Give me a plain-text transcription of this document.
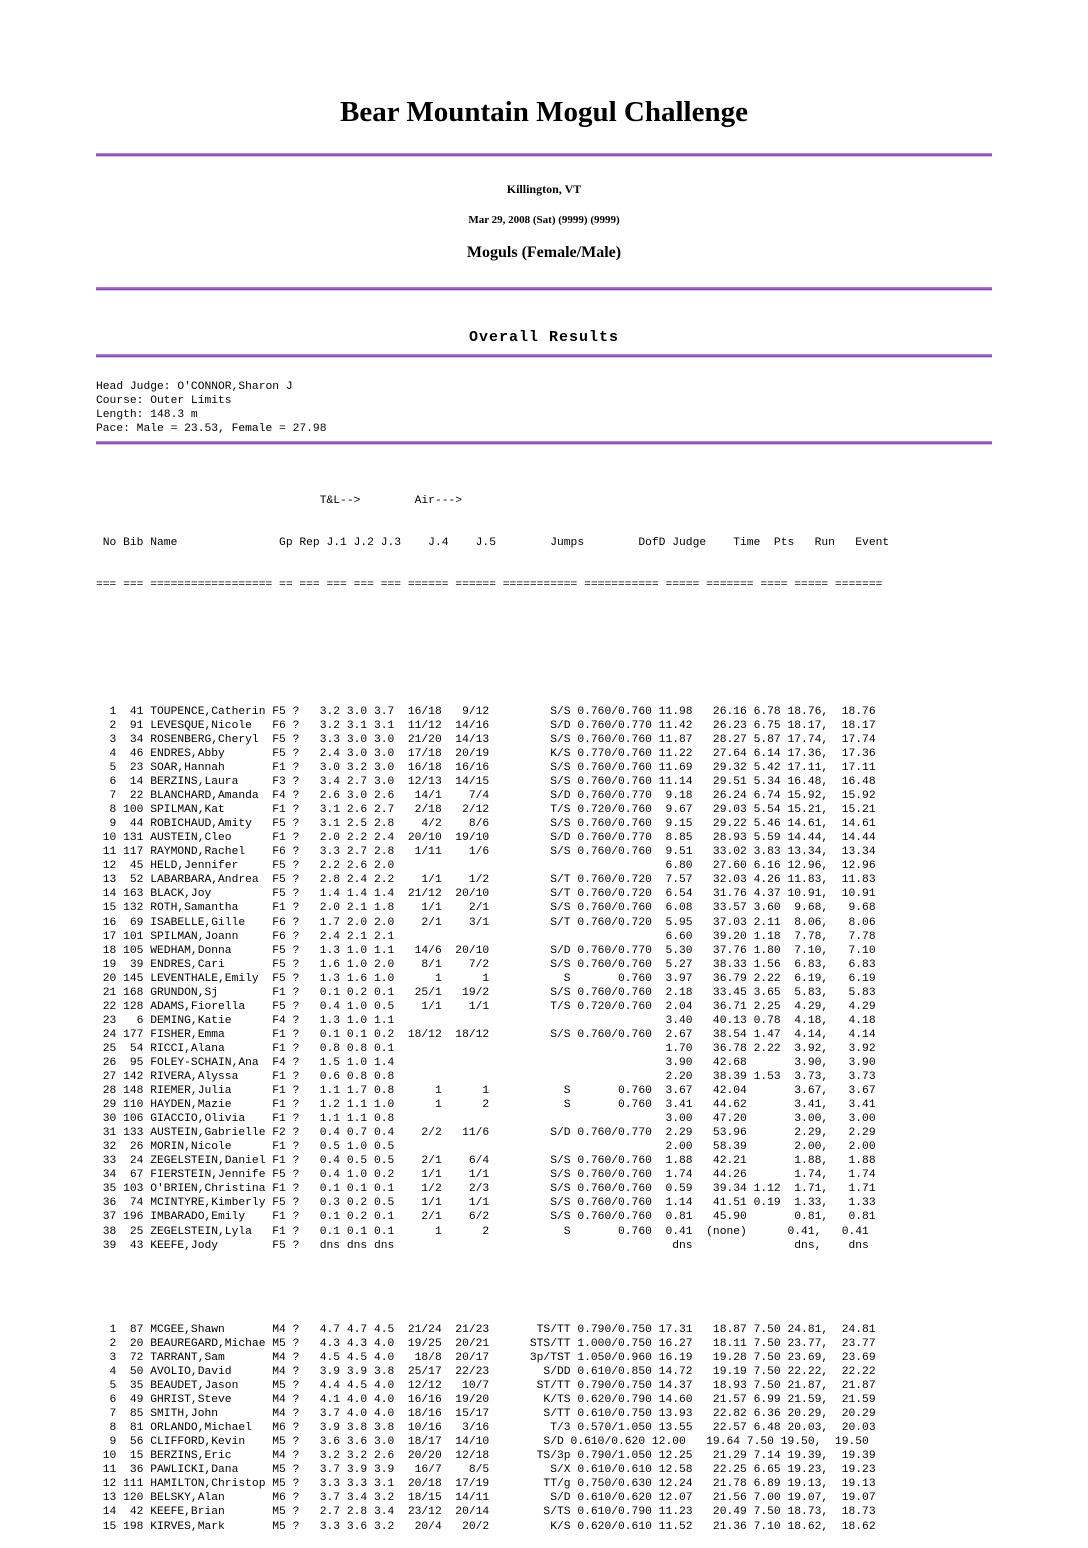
Bear Mountain Mogul Challenge
Killington, VT
Mar 29, 2008 (Sat) (9999) (9999)
Moguls (Female/Male)
Overall Results
Head Judge: O'CONNOR,Sharon J
Course: Outer Limits
Length: 148.3 m
Pace: Male = 23.53, Female = 27.98

T&L-->        Air--->

No Bib Name               Gp Rep J.1 J.2 J.3    J.4    J.5        Jumps        DofD Judge    Time  Pts   Run   Event

=== === ================== == === === === === ====== ====== =========== =========== ===== ======= ==== ===== =======

1  41 TOUPENCE,Catherin F5 ?   3.2 3.0 3.7  16/18   9/12         S/S 0.760/0.760 11.98   26.16 6.78 18.76,  18.76
2  91 LEVESQUE,Nicole   F6 ?   3.2 3.1 3.1  11/12  14/16         S/D 0.760/0.770 11.42   26.23 6.75 18.17,  18.17
3  34 ROSENBERG,Cheryl  F5 ?   3.3 3.0 3.0  21/20  14/13         S/S 0.760/0.760 11.87   28.27 5.87 17.74,  17.74
4  46 ENDRES,Abby       F5 ?   2.4 3.0 3.0  17/18  20/19         K/S 0.770/0.760 11.22   27.64 6.14 17.36,  17.36
5  23 SOAR,Hannah       F1 ?   3.0 3.2 3.0  16/18  16/16         S/S 0.760/0.760 11.69   29.32 5.42 17.11,  17.11
6  14 BERZINS,Laura     F3 ?   3.4 2.7 3.0  12/13  14/15         S/S 0.760/0.760 11.14   29.51 5.34 16.48,  16.48
7  22 BLANCHARD,Amanda  F4 ?   2.6 3.0 2.6   14/1    7/4         S/D 0.760/0.770  9.18   26.24 6.74 15.92,  15.92
8 100 SPILMAN,Kat       F1 ?   3.1 2.6 2.7   2/18   2/12         T/S 0.720/0.760  9.67   29.03 5.54 15.21,  15.21
9  44 ROBICHAUD,Amity   F5 ?   3.1 2.5 2.8    4/2    8/6         S/S 0.760/0.760  9.15   29.22 5.46 14.61,  14.61
10 131 AUSTEIN,Cleo      F1 ?   2.0 2.2 2.4  20/10  19/10         S/D 0.760/0.770  8.85   28.93 5.59 14.44,  14.44
11 117 RAYMOND,Rachel    F6 ?   3.3 2.7 2.8   1/11    1/6         S/S 0.760/0.760  9.51   33.02 3.83 13.34,  13.34
12  45 HELD,Jennifer     F5 ?   2.2 2.6 2.0                                        6.80   27.60 6.16 12.96,  12.96
13  52 LABARBARA,Andrea  F5 ?   2.8 2.4 2.2    1/1    1/2         S/T 0.760/0.720  7.57   32.03 4.26 11.83,  11.83
14 163 BLACK,Joy         F5 ?   1.4 1.4 1.4  21/12  20/10         S/T 0.760/0.720  6.54   31.76 4.37 10.91,  10.91
15 132 ROTH,Samantha     F1 ?   2.0 2.1 1.8    1/1    2/1         S/S 0.760/0.760  6.08   33.57 3.60  9.68,   9.68
16  69 ISABELLE,Gille    F6 ?   1.7 2.0 2.0    2/1    3/1         S/T 0.760/0.720  5.95   37.03 2.11  8.06,   8.06
17 101 SPILMAN,Joann     F6 ?   2.4 2.1 2.1                                        6.60   39.20 1.18  7.78,   7.78
18 105 WEDHAM,Donna      F5 ?   1.3 1.0 1.1   14/6  20/10         S/D 0.760/0.770  5.30   37.76 1.80  7.10,   7.10
19  39 ENDRES,Cari       F5 ?   1.6 1.0 2.0    8/1    7/2         S/S 0.760/0.760  5.27   38.33 1.56  6.83,   6.83
20 145 LEVENTHALE,Emily  F5 ?   1.3 1.6 1.0      1      1           S       0.760  3.97   36.79 2.22  6.19,   6.19
21 168 GRUNDON,Sj        F1 ?   0.1 0.2 0.1   25/1   19/2         S/S 0.760/0.760  2.18   33.45 3.65  5.83,   5.83
22 128 ADAMS,Fiorella    F5 ?   0.4 1.0 0.5    1/1    1/1         T/S 0.720/0.760  2.04   36.71 2.25  4.29,   4.29
23   6 DEMING,Katie      F4 ?   1.3 1.0 1.1                                        3.40   40.13 0.78  4.18,   4.18
24 177 FISHER,Emma       F1 ?   0.1 0.1 0.2  18/12  18/12         S/S 0.760/0.760  2.67   38.54 1.47  4.14,   4.14
25  54 RICCI,Alana       F1 ?   0.8 0.8 0.1                                        1.70   36.78 2.22  3.92,   3.92
26  95 FOLEY-SCHAIN,Ana  F4 ?   1.5 1.0 1.4                                        3.90   42.68       3.90,   3.90
27 142 RIVERA,Alyssa     F1 ?   0.6 0.8 0.8                                        2.20   38.39 1.53  3.73,   3.73
28 148 RIEMER,Julia      F1 ?   1.1 1.7 0.8      1      1           S       0.760  3.67   42.04       3.67,   3.67
29 110 HAYDEN,Mazie      F1 ?   1.2 1.1 1.0      1      2           S       0.760  3.41   44.62       3.41,   3.41
30 106 GIACCIO,Olivia    F1 ?   1.1 1.1 0.8                                        3.00   47.20       3.00,   3.00
31 133 AUSTEIN,Gabrielle F2 ?   0.4 0.7 0.4    2/2   11/6         S/D 0.760/0.770  2.29   53.96       2.29,   2.29
32  26 MORIN,Nicole      F1 ?   0.5 1.0 0.5                                        2.00   58.39       2.00,   2.00
33  24 ZEGELSTEIN,Daniel F1 ?   0.4 0.5 0.5    2/1    6/4         S/S 0.760/0.760  1.88   42.21       1.88,   1.88
34  67 FIERSTEIN,Jennife F5 ?   0.4 1.0 0.2    1/1    1/1         S/S 0.760/0.760  1.74   44.26       1.74,   1.74
35 103 O'BRIEN,Christina F1 ?   0.1 0.1 0.1    1/2    2/3         S/S 0.760/0.760  0.59   39.34 1.12  1.71,   1.71
36  74 MCINTYRE,Kimberly F5 ?   0.3 0.2 0.5    1/1    1/1         S/S 0.760/0.760  1.14   41.51 0.19  1.33,   1.33
37 196 IMBARADO,Emily    F1 ?   0.1 0.2 0.1    2/1    6/2         S/S 0.760/0.760  0.81   45.90       0.81,   0.81
38  25 ZEGELSTEIN,Lyla   F1 ?   0.1 0.1 0.1      1      2           S       0.760  0.41  (none)      0.41,   0.41
39  43 KEEFE,Jody        F5 ?   dns dns dns                                         dns               dns,    dns

1  87 MCGEE,Shawn       M4 ?   4.7 4.7 4.5  21/24  21/23       TS/TT 0.790/0.750 17.31   18.87 7.50 24.81,  24.81
2  20 BEAUREGARD,Michae M5 ?   4.3 4.3 4.0  19/25  20/21      STS/TT 1.000/0.750 16.27   18.11 7.50 23.77,  23.77
3  72 TARRANT,Sam       M4 ?   4.5 4.5 4.0   18/8  20/17      3p/TST 1.050/0.960 16.19   19.28 7.50 23.69,  23.69
4  50 AVOLIO,David      M4 ?   3.9 3.9 3.8  25/17  22/23        S/DD 0.610/0.850 14.72   19.19 7.50 22.22,  22.22
5  35 BEAUDET,Jason     M5 ?   4.4 4.5 4.0  12/12   10/7       ST/TT 0.790/0.750 14.37   18.93 7.50 21.87,  21.87
6  49 GHRIST,Steve      M4 ?   4.1 4.0 4.0  16/16  19/20        K/TS 0.620/0.790 14.60   21.57 6.99 21.59,  21.59
7  85 SMITH,John        M4 ?   3.7 4.0 4.0  18/16  15/17        S/TT 0.610/0.750 13.93   22.82 6.36 20.29,  20.29
8  81 ORLANDO,Michael   M6 ?   3.9 3.8 3.8  10/16   3/16         T/3 0.570/1.050 13.55   22.57 6.48 20.03,  20.03
9  56 CLIFFORD,Kevin    M5 ?   3.6 3.6 3.0  18/17  14/10        S/D 0.610/0.620 12.00   19.64 7.50 19.50,  19.50
10  15 BERZINS,Eric      M4 ?   3.2 3.2 2.6  20/20  12/18       TS/3p 0.790/1.050 12.25   21.29 7.14 19.39,  19.39
11  36 PAWLICKI,Dana     M5 ?   3.7 3.9 3.9   16/7    8/5         S/X 0.610/0.610 12.58   22.25 6.65 19.23,  19.23
12 111 HAMILTON,Christop M5 ?   3.3 3.3 3.1  20/18  17/19        TT/g 0.750/0.630 12.24   21.78 6.89 19.13,  19.13
13 120 BELSKY,Alan       M6 ?   3.7 3.4 3.2  18/15  14/11         S/D 0.610/0.620 12.07   21.56 7.00 19.07,  19.07
14  42 KEEFE,Brian       M5 ?   2.7 2.8 3.4  23/12  20/14        S/TS 0.610/0.790 11.23   20.49 7.50 18.73,  18.73
15 198 KIRVES,Mark       M5 ?   3.3 3.6 3.2   20/4   20/2         K/S 0.620/0.610 11.52   21.36 7.10 18.62,  18.62
